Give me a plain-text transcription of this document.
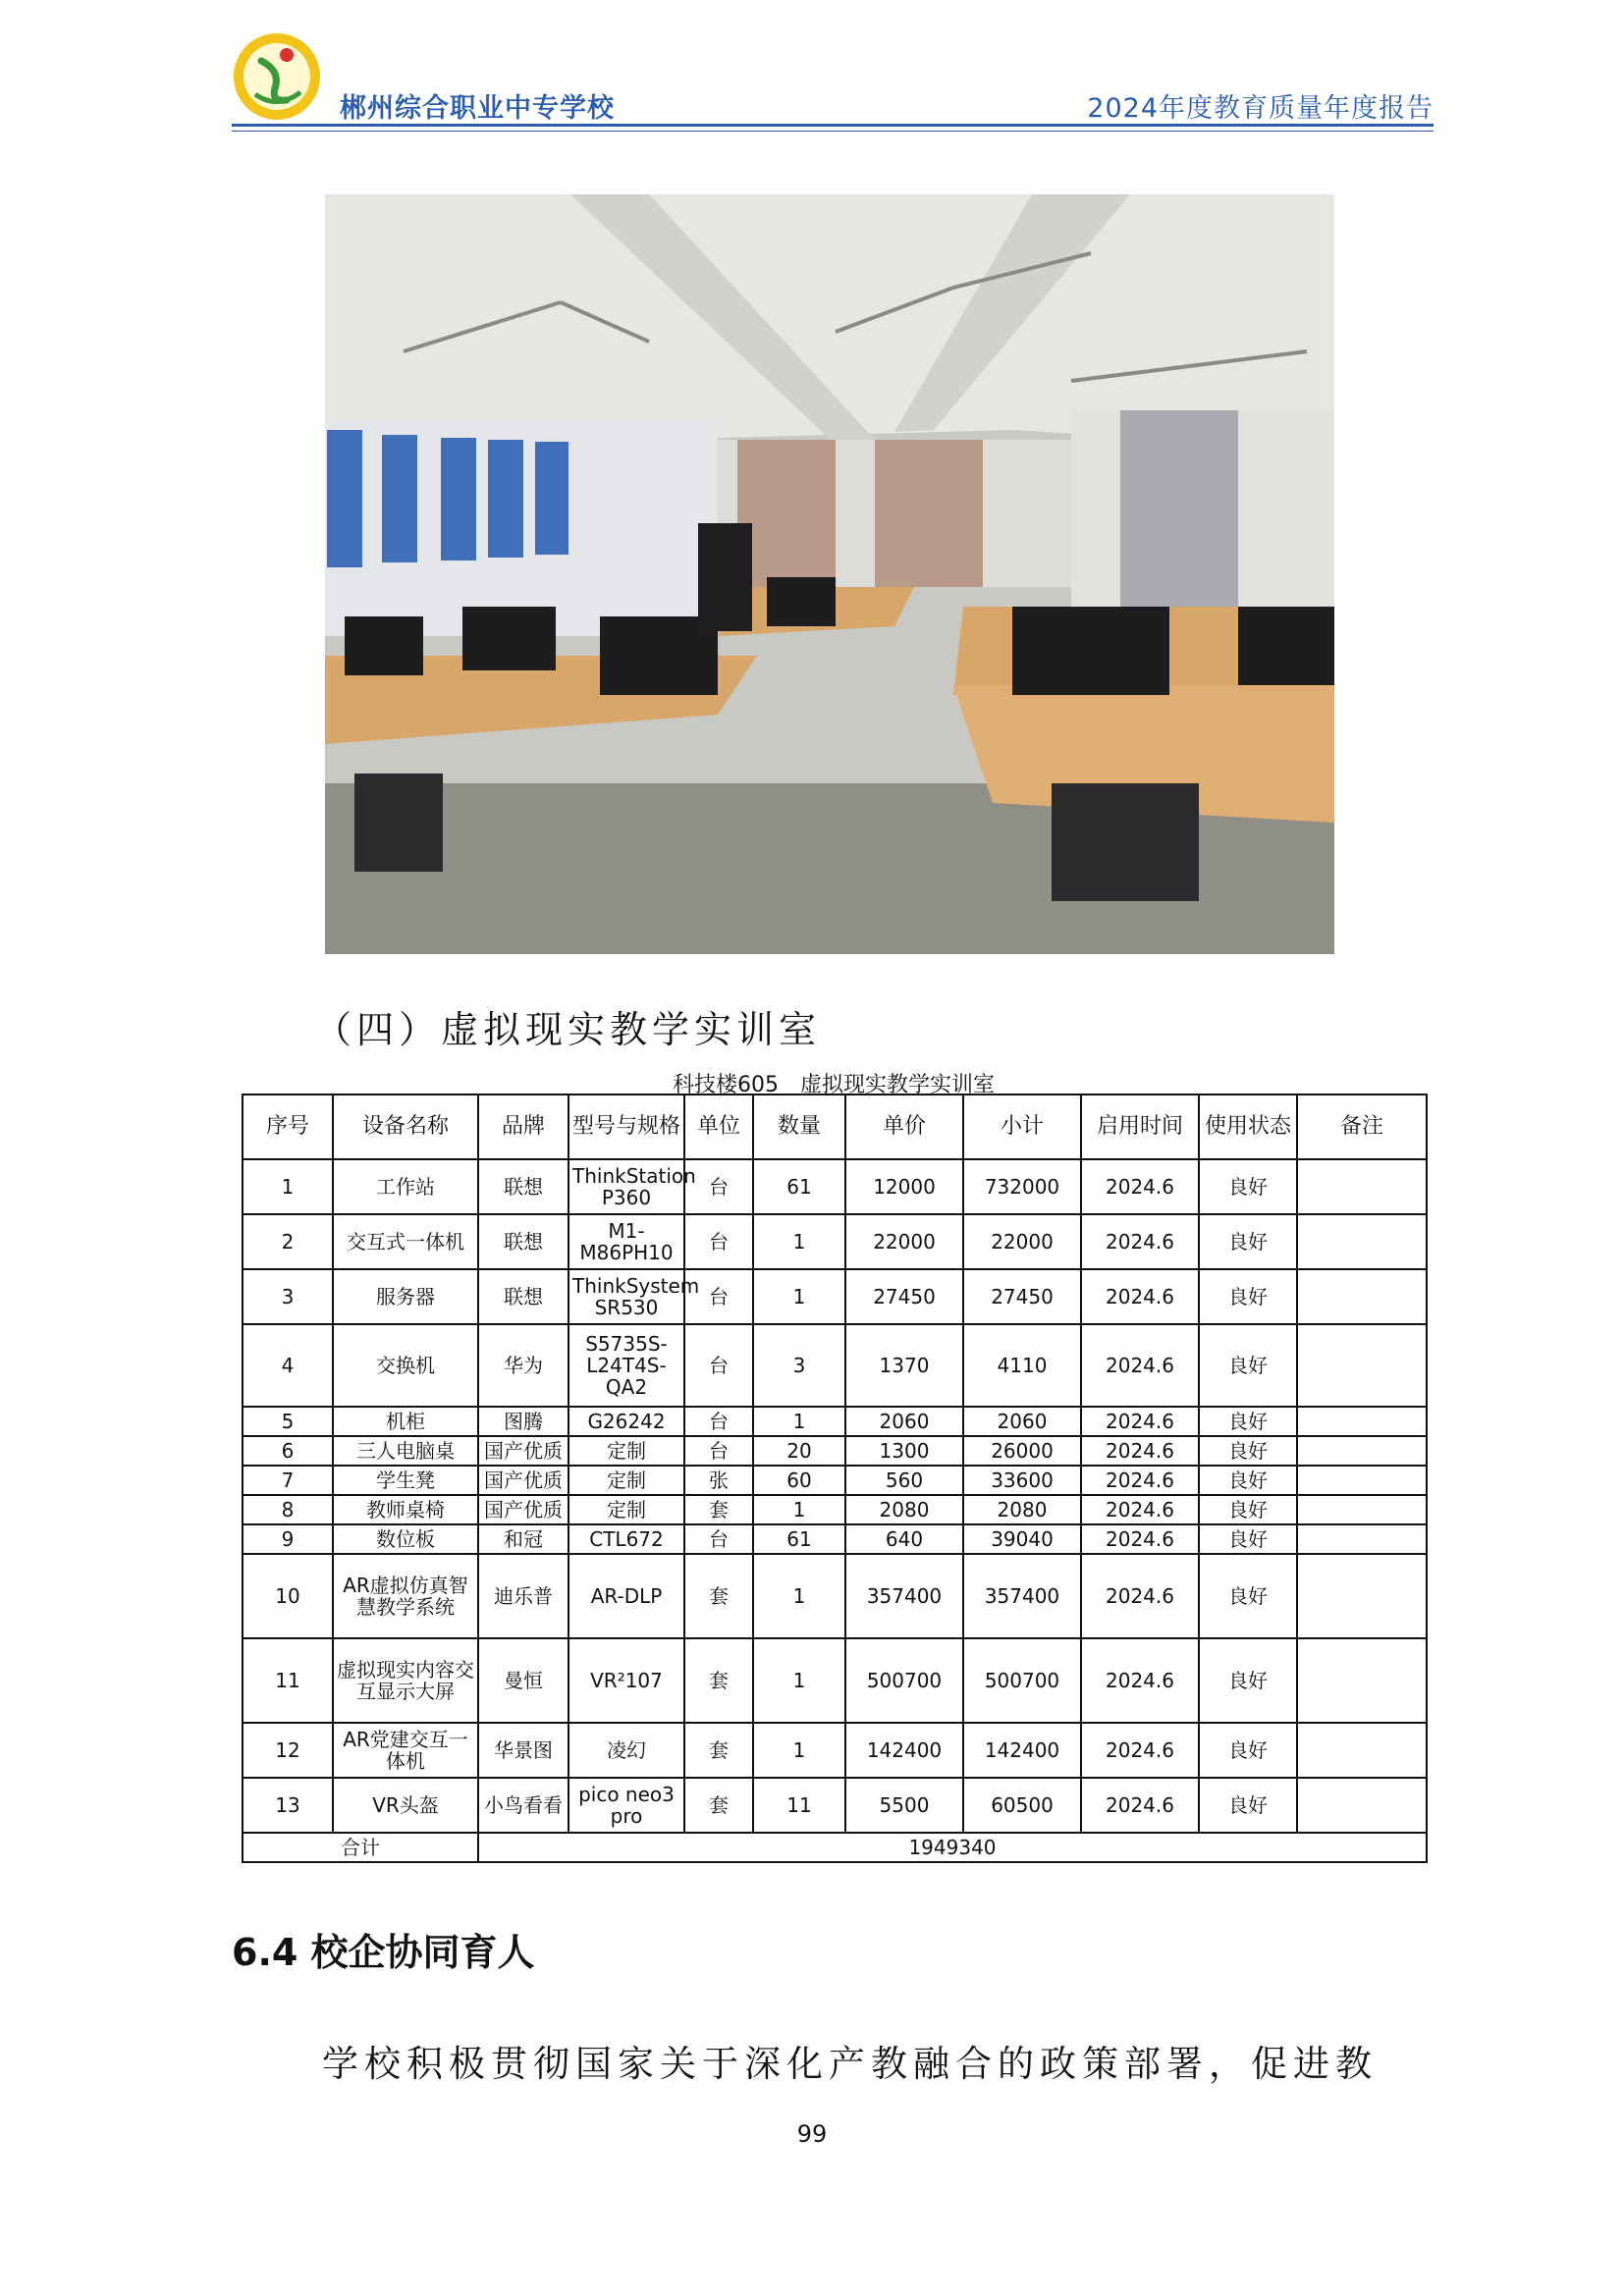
郴州综合职业中专学校	2024年度教育质量年度报告
（四）虚拟现实教学实训室
科技楼605　虚拟现实教学实训室
序号	设备名称	品牌	型号与规格	单位	数量	单价	小计	启用时间	使用状态	备注
1	工作站	联想	ThinkStation P360	台	61	12000	732000	2024.6	良好	
2	交互式一体机	联想	M1-M86PH10	台	1	22000	22000	2024.6	良好	
3	服务器	联想	ThinkSystem SR530	台	1	27450	27450	2024.6	良好	
4	交换机	华为	S5735S-L24T4S-QA2	台	3	1370	4110	2024.6	良好	
5	机柜	图腾	G26242	台	1	2060	2060	2024.6	良好	
6	三人电脑桌	国产优质	定制	台	20	1300	26000	2024.6	良好	
7	学生凳	国产优质	定制	张	60	560	33600	2024.6	良好	
8	教师桌椅	国产优质	定制	套	1	2080	2080	2024.6	良好	
9	数位板	和冠	CTL672	台	61	640	39040	2024.6	良好	
10	AR虚拟仿真智慧教学系统	迪乐普	AR-DLP	套	1	357400	357400	2024.6	良好	
11	虚拟现实内容交互显示大屏	曼恒	VR²107	套	1	500700	500700	2024.6	良好	
12	AR党建交互一体机	华景图	凌幻	套	1	142400	142400	2024.6	良好	
13	VR头盔	小鸟看看	pico neo3 pro	套	11	5500	60500	2024.6	良好	
合计		1949340								
6.4 校企协同育人
学校积极贯彻国家关于深化产教融合的政策部署，促进教
99
